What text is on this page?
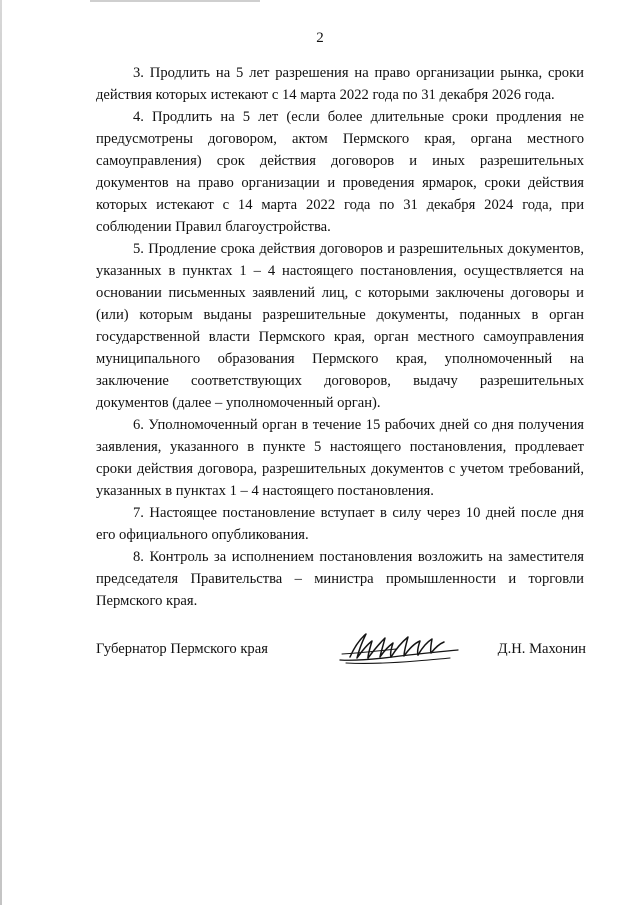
2

3. Продлить на 5 лет разрешения на право организации рынка, сроки действия которых истекают с 14 марта 2022 года по 31 декабря 2026 года.

4. Продлить на 5 лет (если более длительные сроки продления не предусмотрены договором, актом Пермского края, органа местного самоуправления) срок действия договоров и иных разрешительных документов на право организации и проведения ярмарок, сроки действия которых истекают с 14 марта 2022 года по 31 декабря 2024 года, при соблюдении Правил благоустройства.

5. Продление срока действия договоров и разрешительных документов, указанных в пунктах 1 – 4 настоящего постановления, осуществляется на основании письменных заявлений лиц, с которыми заключены договоры и (или) которым выданы разрешительные документы, поданных в орган государственной власти Пермского края, орган местного самоуправления муниципального образования Пермского края, уполномоченный на заключение соответствующих договоров, выдачу разрешительных документов (далее – уполномоченный орган).

6. Уполномоченный орган в течение 15 рабочих дней со дня получения заявления, указанного в пункте 5 настоящего постановления, продлевает сроки действия договора, разрешительных документов с учетом требований, указанных в пунктах 1 – 4 настоящего постановления.

7. Настоящее постановление вступает в силу через 10 дней после дня его официального опубликования.

8. Контроль за исполнением постановления возложить на заместителя председателя Правительства – министра промышленности и торговли Пермского края.

Губернатор Пермского края	Д.Н. Махонин
